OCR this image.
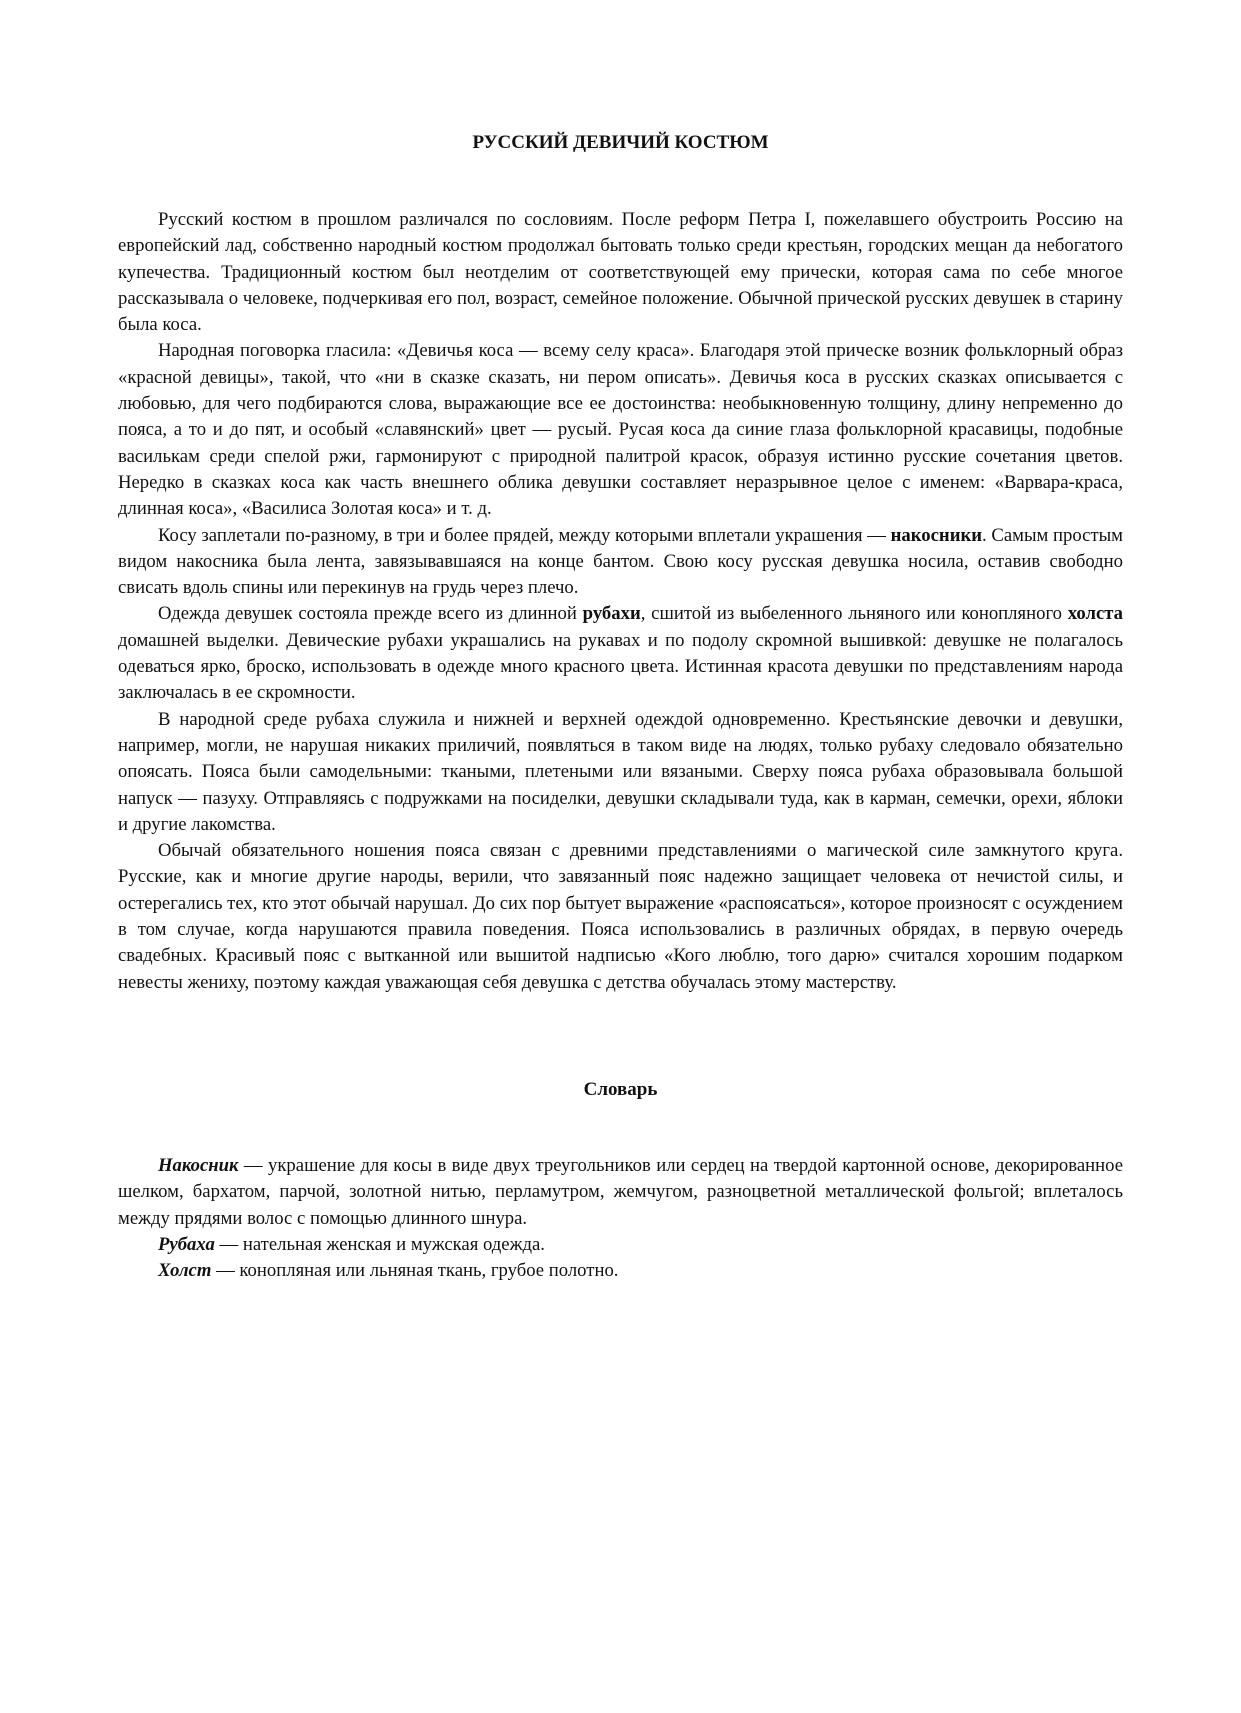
РУССКИЙ ДЕВИЧИЙ КОСТЮМ

Русский костюм в прошлом различался по сословиям. После реформ Петра I, пожелавшего обустроить Россию на европейский лад, собственно народный костюм продолжал бытовать только среди крестьян, городских мещан да небогатого купечества. Традиционный костюм был неотделим от соответствующей ему прически, которая сама по себе многое рассказывала о человеке, подчеркивая его пол, возраст, семейное положение. Обычной прической русских девушек в старину была коса.

Народная поговорка гласила: «Девичья коса — всему селу краса». Благодаря этой прическе возник фольклорный образ «красной девицы», такой, что «ни в сказке сказать, ни пером описать». Девичья коса в русских сказках описывается с любовью, для чего подбираются слова, выражающие все ее достоинства: необыкновенную толщину, длину непременно до пояса, а то и до пят, и особый «славянский» цвет — русый. Русая коса да синие глаза фольклорной красавицы, подобные василькам среди спелой ржи, гармонируют с природной палитрой красок, образуя истинно русские сочетания цветов. Нередко в сказках коса как часть внешнего облика девушки составляет неразрывное целое с именем: «Варвара-краса, длинная коса», «Василиса Золотая коса» и т. д.

Косу заплетали по-разному, в три и более прядей, между которыми вплетали украшения — накосники. Самым простым видом накосника была лента, завязывавшаяся на конце бантом. Свою косу русская девушка носила, оставив свободно свисать вдоль спины или перекинув на грудь через плечо.

Одежда девушек состояла прежде всего из длинной рубахи, сшитой из выбеленного льняного или конопляного холста домашней выделки. Девические рубахи украшались на рукавах и по подолу скромной вышивкой: девушке не полагалось одеваться ярко, броско, использовать в одежде много красного цвета. Истинная красота девушки по представлениям народа заключалась в ее скромности.

В народной среде рубаха служила и нижней и верхней одеждой одновременно. Крестьянские девочки и девушки, например, могли, не нарушая никаких приличий, появляться в таком виде на людях, только рубаху следовало обязательно опоясать. Пояса были самодельными: ткаными, плетеными или вязаными. Сверху пояса рубаха образовывала большой напуск — пазуху. Отправляясь с подружками на посиделки, девушки складывали туда, как в карман, семечки, орехи, яблоки и другие лакомства.

Обычай обязательного ношения пояса связан с древними представлениями о магической силе замкнутого круга. Русские, как и многие другие народы, верили, что завязанный пояс надежно защищает человека от нечистой силы, и остерегались тех, кто этот обычай нарушал. До сих пор бытует выражение «распоясаться», которое произносят с осуждением в том случае, когда нарушаются правила поведения. Пояса использовались в различных обрядах, в первую очередь свадебных. Красивый пояс с вытканной или вышитой надписью «Кого люблю, того дарю» считался хорошим подарком невесты жениху, поэтому каждая уважающая себя девушка с детства обучалась этому мастерству.

Словарь

Накосник — украшение для косы в виде двух треугольников или сердец на твердой картонной основе, декорированное шелком, бархатом, парчой, золотной нитью, перламутром, жемчугом, разноцветной металлической фольгой; вплеталось между прядями волос с помощью длинного шнура.

Рубаха — нательная женская и мужская одежда.

Холст — конопляная или льняная ткань, грубое полотно.
